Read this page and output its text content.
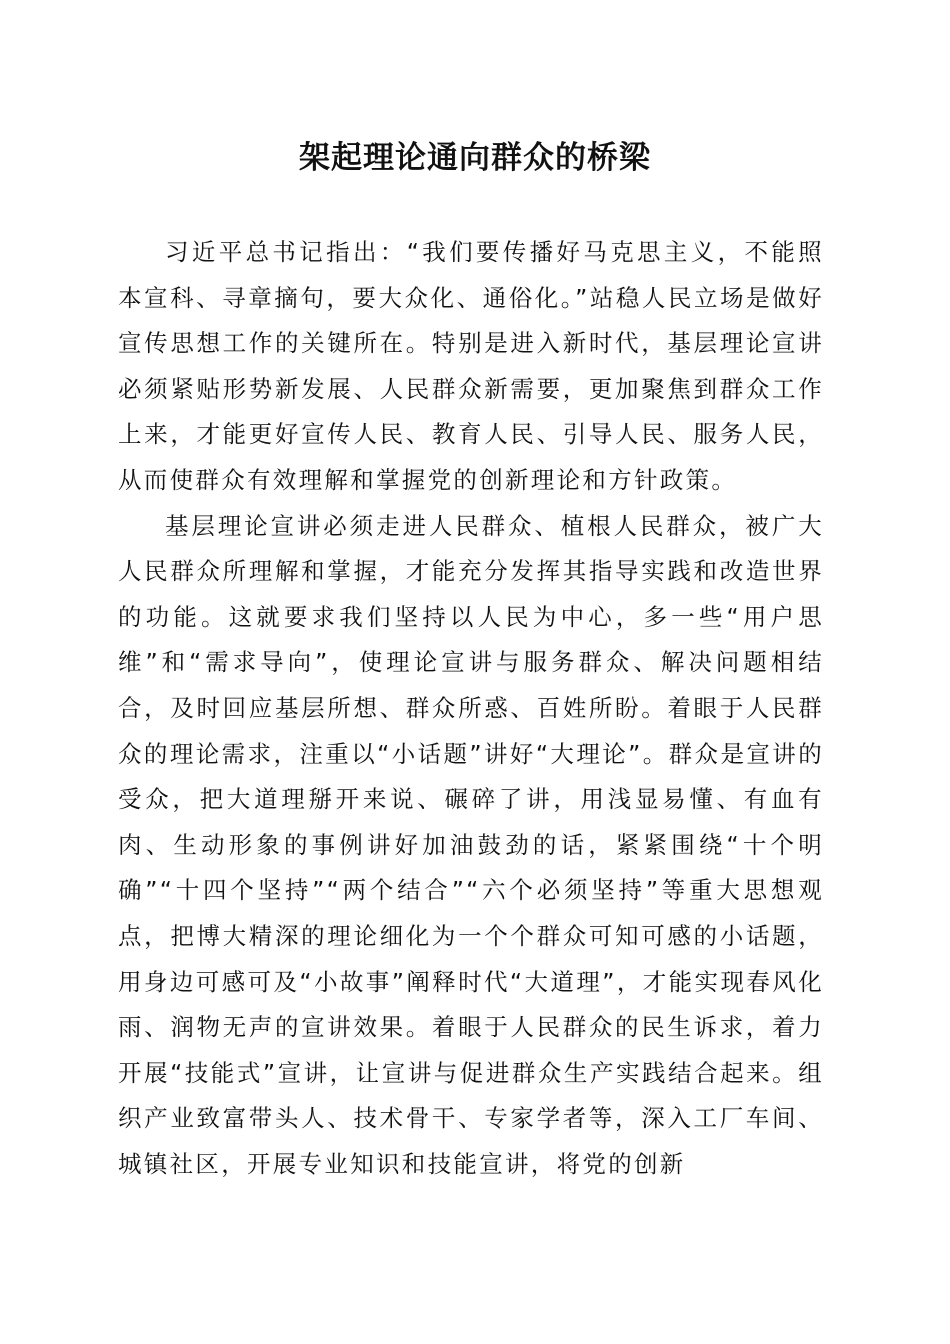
架起理论通向群众的桥梁

习近平总书记指出：“我们要传播好马克思主义，不能照本宣科、寻章摘句，要大众化、通俗化。”站稳人民立场是做好宣传思想工作的关键所在。特别是进入新时代，基层理论宣讲必须紧贴形势新发展、人民群众新需要，更加聚焦到群众工作上来，才能更好宣传人民、教育人民、引导人民、服务人民，从而使群众有效理解和掌握党的创新理论和方针政策。

基层理论宣讲必须走进人民群众、植根人民群众，被广大人民群众所理解和掌握，才能充分发挥其指导实践和改造世界的功能。这就要求我们坚持以人民为中心，多一些“用户思维”和“需求导向”，使理论宣讲与服务群众、解决问题相结合，及时回应基层所想、群众所惑、百姓所盼。着眼于人民群众的理论需求，注重以“小话题”讲好“大理论”。群众是宣讲的受众，把大道理掰开来说、碾碎了讲，用浅显易懂、有血有肉、生动形象的事例讲好加油鼓劲的话，紧紧围绕“十个明确”“十四个坚持”“两个结合”“六个必须坚持”等重大思想观点，把博大精深的理论细化为一个个群众可知可感的小话题，用身边可感可及“小故事”阐释时代“大道理”，才能实现春风化雨、润物无声的宣讲效果。着眼于人民群众的民生诉求，着力开展“技能式”宣讲，让宣讲与促进群众生产实践结合起来。组织产业致富带头人、技术骨干、专家学者等，深入工厂车间、城镇社区，开展专业知识和技能宣讲，将党的创新
